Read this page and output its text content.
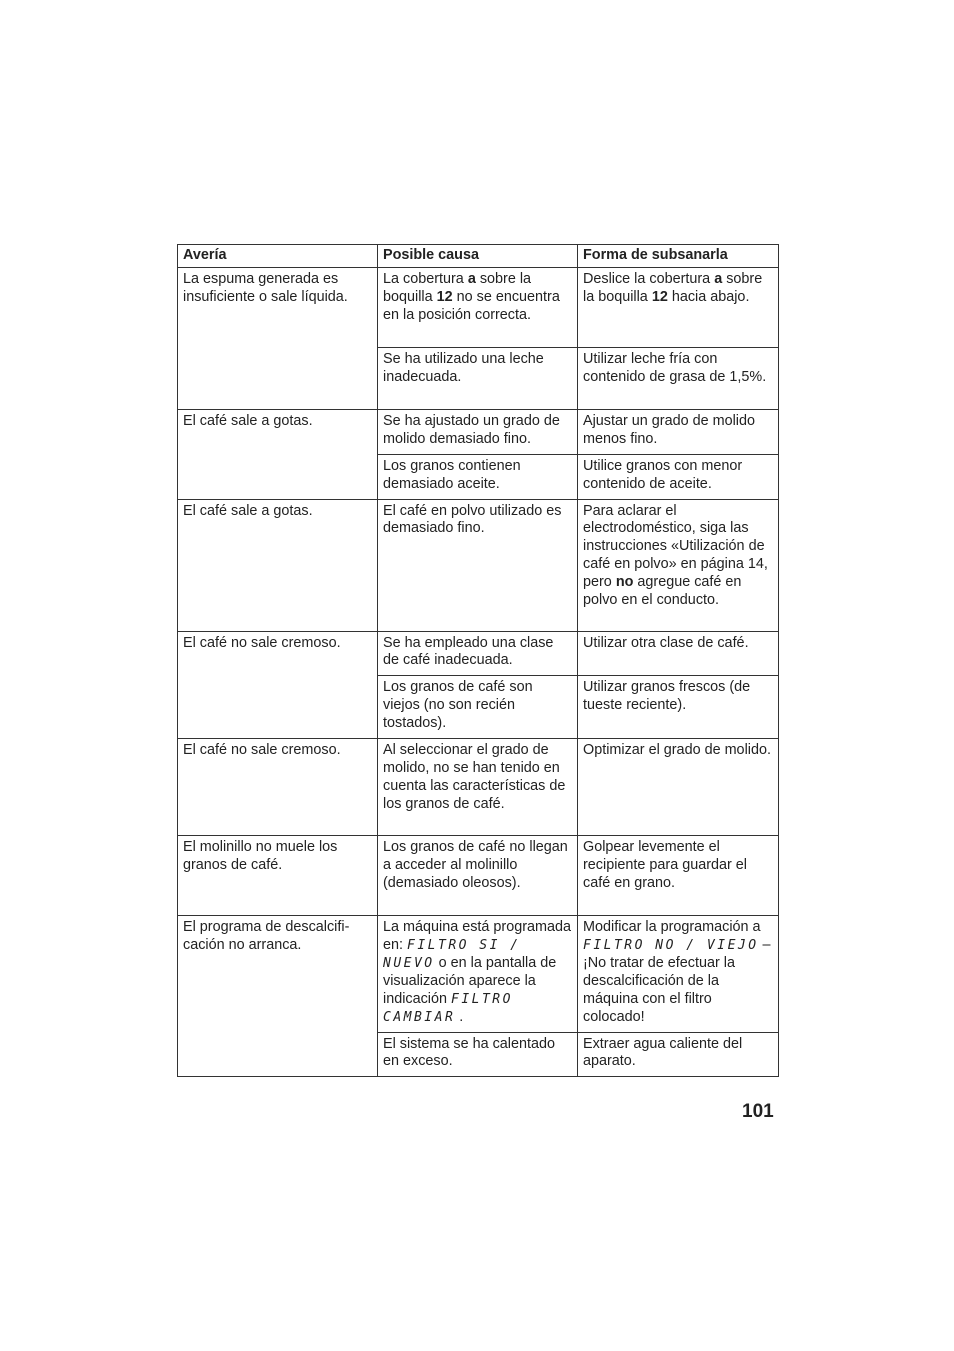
Avería	Posible causa	Forma de subsanarla
La espuma generada es insuficiente o sale líquida.	La cobertura a sobre la boquilla 12 no se encuentra en la posición correcta.	Deslice la cobertura a sobre la boquilla 12 hacia abajo.
	Se ha utilizado una leche inadecuada.	Utilizar leche fría con contenido de grasa de 1,5%.
El café sale a gotas.	Se ha ajustado un grado de molido demasiado fino.	Ajustar un grado de molido menos fino.
	Los granos contienen demasiado aceite.	Utilice granos con menor contenido de aceite.
El café sale a gotas.	El café en polvo utilizado es demasiado fino.	Para aclarar el electrodoméstico, siga las instrucciones «Utilización de café en polvo» en página 14, pero no agregue café en polvo en el conducto.
El café no sale cremoso.	Se ha empleado una clase de café inadecuada.	Utilizar otra clase de café.
	Los granos de café son viejos (no son recién tostados).	Utilizar granos frescos (de tueste reciente).
El café no sale cremoso.	Al seleccionar el grado de molido, no se han tenido en cuenta las características de los granos de café.	Optimizar el grado de molido.
El molinillo no muele los granos de café.	Los granos de café no llegan a acceder al molinillo (demasiado oleosos).	Golpear levemente el recipiente para guardar el café en grano.
El programa de descalcifi-cación no arranca.	La máquina está programada en: FILTRO SI / NUEVO o en la pantalla de visualización aparece la indicación FILTRO CAMBIAR .	Modificar la programación a FILTRO NO / VIEJO – ¡No tratar de efectuar la descalcificación de la máquina con el filtro colocado!
	El sistema se ha calentado en exceso.	Extraer agua caliente del aparato.
101
